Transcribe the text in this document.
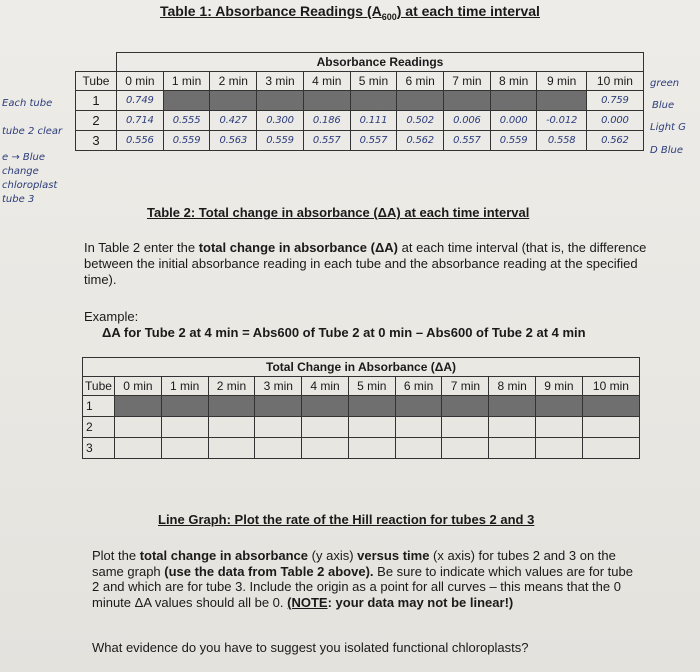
Table 1: Absorbance Readings $(A_{600})$ at each time interval
Each tube
tube 2 clear
e → Blue
change
chloroplast
tube 3
green
Blue
Light G
D Blue
	Absorbance Readings										
Tube	0 min	1 min	2 min	3 min	4 min	5 min	6 min	7 min	8 min	9 min	10 min
1	0.749										0.759

2	0.714	0.555	0.427	0.300	0.186	0.111	0.502	0.006	0.000	-0.012	0.000

3	0.556	0.559	0.563	0.559	0.557	0.557	0.562	0.557	0.559	0.558	0.562
Table 2: Total change in absorbance (ΔA) at each time interval
In Table 2 enter the total change in absorbance (ΔA) at each time interval (that is, the difference between the initial absorbance reading in each tube and the absorbance reading at the specified time).
Example:
ΔA for Tube 2 at 4 min = Abs600 of Tube 2 at 0 min – Abs600 of Tube 2 at 4 min
Total Change in Absorbance (ΔA)											
Tube	0 min	1 min	2 min	3 min	4 min	5 min	6 min	7 min	8 min	9 min	10 min
1											
2											
3											
Line Graph: Plot the rate of the Hill reaction for tubes 2 and 3
Plot the total change in absorbance (y axis) versus time (x axis) for tubes 2 and 3 on the same graph (use the data from Table 2 above). Be sure to indicate which values are for tube 2 and which are for tube 3. Include the origin as a point for all curves – this means that the 0 minute ΔA values should all be 0. (NOTE: your data may not be linear!)
What evidence do you have to suggest you isolated functional chloroplasts?
